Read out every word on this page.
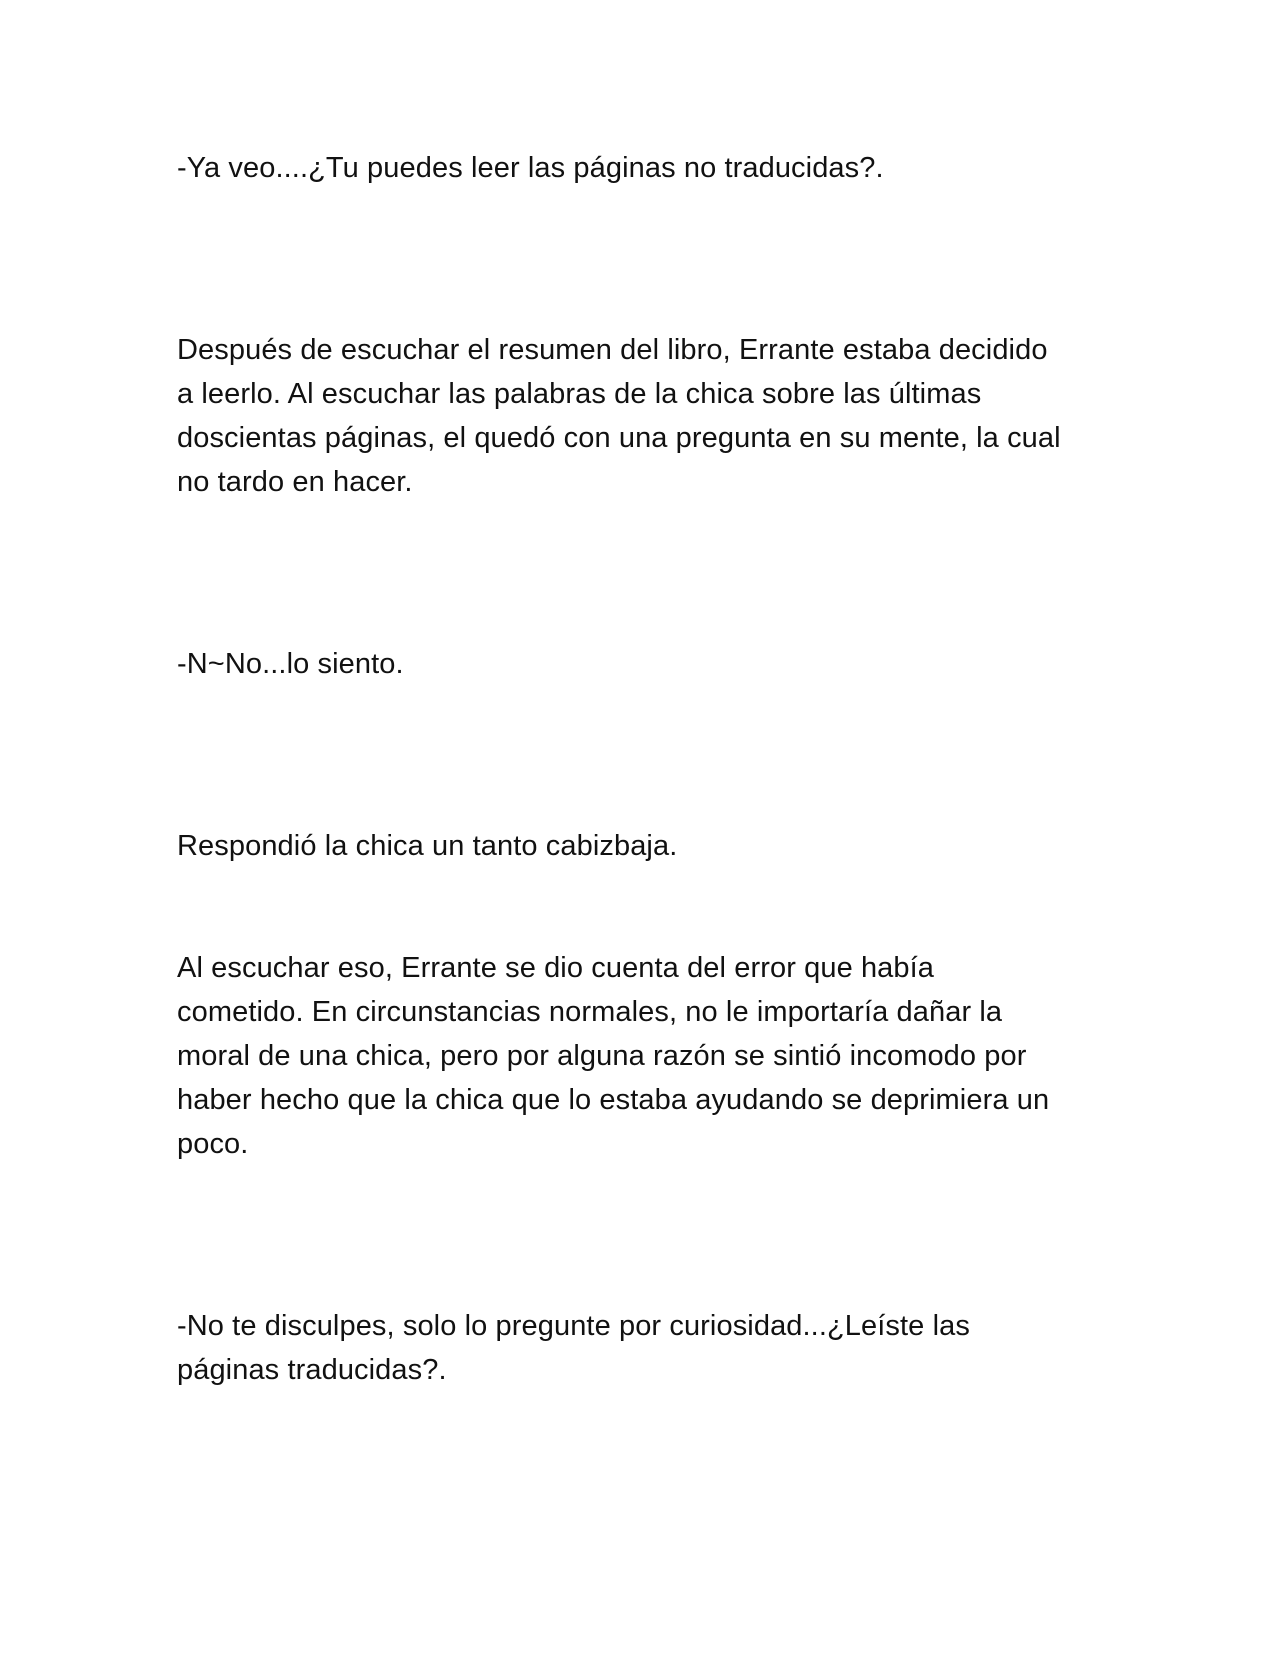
-Ya veo....¿Tu puedes leer las páginas no traducidas?.

Después de escuchar el resumen del libro, Errante estaba decidido
a leerlo. Al escuchar las palabras de la chica sobre las últimas
doscientas páginas, el quedó con una pregunta en su mente, la cual
no tardo en hacer.

-N~No...lo siento.

Respondió la chica un tanto cabizbaja.

Al escuchar eso, Errante se dio cuenta del error que había
cometido. En circunstancias normales, no le importaría dañar la
moral de una chica, pero por alguna razón se sintió incomodo por
haber hecho que la chica que lo estaba ayudando se deprimiera un
poco.

-No te disculpes, solo lo pregunte por curiosidad...¿Leíste las
páginas traducidas?.
